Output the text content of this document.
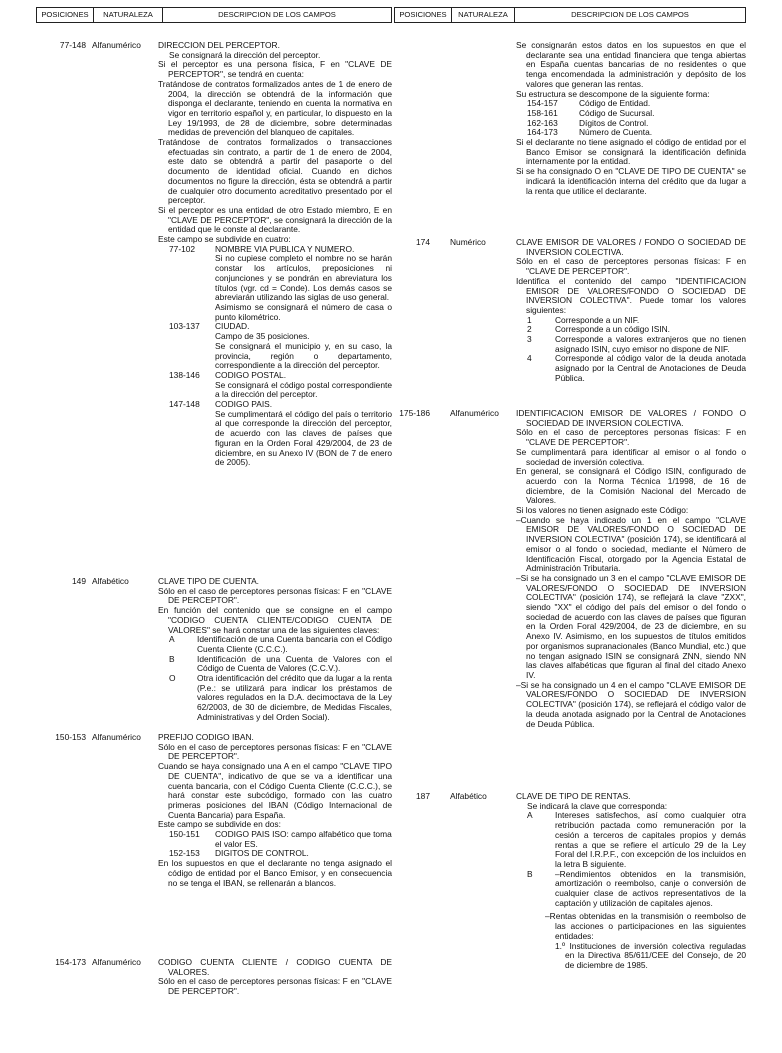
POSICIONES	NATURALEZA	DESCRIPCION DE LOS CAMPOS
77-148 Alfanumérico	DIRECCION DEL PERCEPTOR.

Se consignará la dirección del perceptor.

Si el perceptor es una persona física, F en "CLAVE DE PERCEPTOR", se tendrá en cuenta:

Tratándose de contratos formalizados antes de 1 de enero de 2004, la dirección se obtendrá de la información que disponga el declarante, teniendo en cuenta la normativa en vigor en territorio español y, en particular, lo dispuesto en la Ley 19/1993, de 28 de diciembre, sobre determinadas medidas de prevención del blanqueo de capitales.

Tratándose de contratos formalizados o transacciones efectuadas sin contrato, a partir de 1 de enero de 2004, este dato se obtendrá a partir del pasaporte o del documento de identidad oficial. Cuando en dichos documentos no figure la dirección, ésta se obtendrá a partir de cualquier otro documento acreditativo presentado por el perceptor.

Si el perceptor es una entidad de otro Estado miembro, E en "CLAVE DE PERCEPTOR", se consignará la dirección de la entidad que le conste al declarante.

Este campo se subdivide en cuatro:

77-102	NOMBRE VIA PUBLICA Y NUMERO.

Si no cupiese completo el nombre no se harán constar los artículos, preposiciones ni conjunciones y se pondrán en abreviatura los títulos (vgr. cd = Conde). Los demás casos se abreviarán utilizando las siglas de uso general.

Asimismo se consignará el número de casa o punto kilométrico.

103-137	CIUDAD.

Campo de 35 posiciones.

Se consignará el municipio y, en su caso, la provincia, región o departamento, correspondiente a la dirección del perceptor.

138-146	CODIGO POSTAL.

Se consignará el código postal correspondiente a la dirección del perceptor.

147-148	CODIGO PAIS.

Se cumplimentará el código del país o territorio al que corresponde la dirección del perceptor, de acuerdo con las claves de países que figuran en la Orden Foral 429/2004, de 23 de diciembre, en su Anexo IV (BON de 7 de enero de 2005).

149 Alfabético	CLAVE TIPO DE CUENTA.

Sólo en el caso de perceptores personas físicas: F en "CLAVE DE PERCEPTOR".

En función del contenido que se consigne en el campo "CODIGO CUENTA CLIENTE/CODIGO CUENTA DE VALORES" se hará constar una de las siguientes claves:

A	Identificación de una Cuenta bancaria con el Código Cuenta Cliente (C.C.C.).
B	Identificación de una Cuenta de Valores con el Código de Cuenta de Valores (C.C.V.).
O	Otra identificación del crédito que da lugar a la renta (P.e.: se utilizará para indicar los préstamos de valores regulados en la D.A. decimoctava de la Ley 62/2003, de 30 de diciembre, de Medidas Fiscales, Administrativas y del Orden Social).
150-153 Alfanumérico	PREFIJO CODIGO IBAN.

Sólo en el caso de perceptores personas físicas: F en "CLAVE DE PERCEPTOR".

Cuando se haya consignado una A en el campo "CLAVE TIPO DE CUENTA", indicativo de que se va a identificar una cuenta bancaria, con el Código Cuenta Cliente (C.C.C.), se hará constar este subcódigo, formado con las cuatro primeras posiciones del IBAN (Código Internacional de Cuenta Bancaria) para España.

Este campo se subdivide en dos:

150-151	CODIGO PAIS ISO: campo alfabético que toma el valor ES.
152-153	DIGITOS DE CONTROL.

En los supuestos en que el declarante no tenga asignado el código de entidad por el Banco Emisor, y en consecuencia no se tenga el IBAN, se rellenarán a blancos.

154-173 Alfanumérico	CODIGO CUENTA CLIENTE / CODIGO CUENTA DE VALORES.

Sólo en el caso de perceptores personas físicas: F en "CLAVE DE PERCEPTOR".

POSICIONES	NATURALEZA	DESCRIPCION DE LOS CAMPOS

Se consignarán estos datos en los supuestos en que el declarante sea una entidad financiera que tenga abiertas en España cuentas bancarias de no residentes o que tenga encomendada la administración y depósito de los valores que generan las rentas.

Su estructura se descompone de la siguiente forma:

154-157	Código de Entidad.
158-161	Código de Sucursal.
162-163	Dígitos de Control.
164-173	Número de Cuenta.

Si el declarante no tiene asignado el código de entidad por el Banco Emisor se consignará la identificación definida internamente por la entidad.

Si se ha consignado O en "CLAVE DE TIPO DE CUENTA" se indicará la identificación interna del crédito que da lugar a la renta que utilice el declarante.

174 Numérico	CLAVE EMISOR DE VALORES / FONDO O SOCIEDAD DE INVERSION COLECTIVA.

Sólo en el caso de perceptores personas físicas: F en "CLAVE DE PERCEPTOR".

Identifica el contenido del campo "IDENTIFICACION EMISOR DE VALORES/FONDO O SOCIEDAD DE INVERSION COLECTIVA". Puede tomar los valores siguientes:

1	Corresponde a un NIF.
2	Corresponde a un código ISIN.
3	Corresponde a valores extranjeros que no tienen asignado ISIN, cuyo emisor no dispone de NIF.
4	Corresponde al código valor de la deuda anotada asignado por la Central de Anotaciones de Deuda Pública.
175-186 Alfanumérico	IDENTIFICACION EMISOR DE VALORES / FONDO O SOCIEDAD DE INVERSION COLECTIVA.

Sólo en el caso de perceptores personas físicas: F en "CLAVE DE PERCEPTOR".

Se cumplimentará para identificar al emisor o al fondo o sociedad de inversión colectiva.

En general, se consignará el Código ISIN, configurado de acuerdo con la Norma Técnica 1/1998, de 16 de diciembre, de la Comisión Nacional del Mercado de Valores.

Si los valores no tienen asignado este Código:

–Cuando se haya indicado un 1 en el campo "CLAVE EMISOR DE VALORES/FONDO O SOCIEDAD DE INVERSION COLECTIVA" (posición 174), se identificará al emisor o al fondo o sociedad, mediante el Número de Identificación Fiscal, otorgado por la Agencia Estatal de Administración Tributaria.

–Si se ha consignado un 3 en el campo "CLAVE EMISOR DE VALORES/FONDO O SOCIEDAD DE INVERSION COLECTIVA" (posición 174), se reflejará la clave "ZXX", siendo "XX" el código del país del emisor o del fondo o sociedad de acuerdo con las claves de países que figuran en la Orden Foral 429/2004, de 23 de diciembre, en su Anexo IV. Asimismo, en los supuestos de títulos emitidos por organismos supranacionales (Banco Mundial, etc.) que no tengan asignado ISIN se consignará ZNN, siendo NN las claves alfabéticas que figuran al final del citado Anexo IV.

–Si se ha consignado un 4 en el campo "CLAVE EMISOR DE VALORES/FONDO O SOCIEDAD DE INVERSION COLECTIVA" (posición 174), se reflejará el código valor de la deuda anotada asignado por la Central de Anotaciones de Deuda Pública.

187 Alfabético	CLAVE DE TIPO DE RENTAS.

Se indicará la clave que corresponda:

A	Intereses satisfechos, así como cualquier otra retribución pactada como remuneración por la cesión a terceros de capitales propios y demás rentas a que se refiere el artículo 29 de la Ley Foral del I.R.P.F., con excepción de los incluidos en la letra B siguiente.
B	–Rendimientos obtenidos en la transmisión, amortización o reembolso, canje o conversión de cualquier clase de activos representativos de la captación y utilización de capitales ajenos.

–Rentas obtenidas en la transmisión o reembolso de las acciones o participaciones en las siguientes entidades:

1.º Instituciones de inversión colectiva reguladas en la Directiva 85/611/CEE del Consejo, de 20 de diciembre de 1985.
